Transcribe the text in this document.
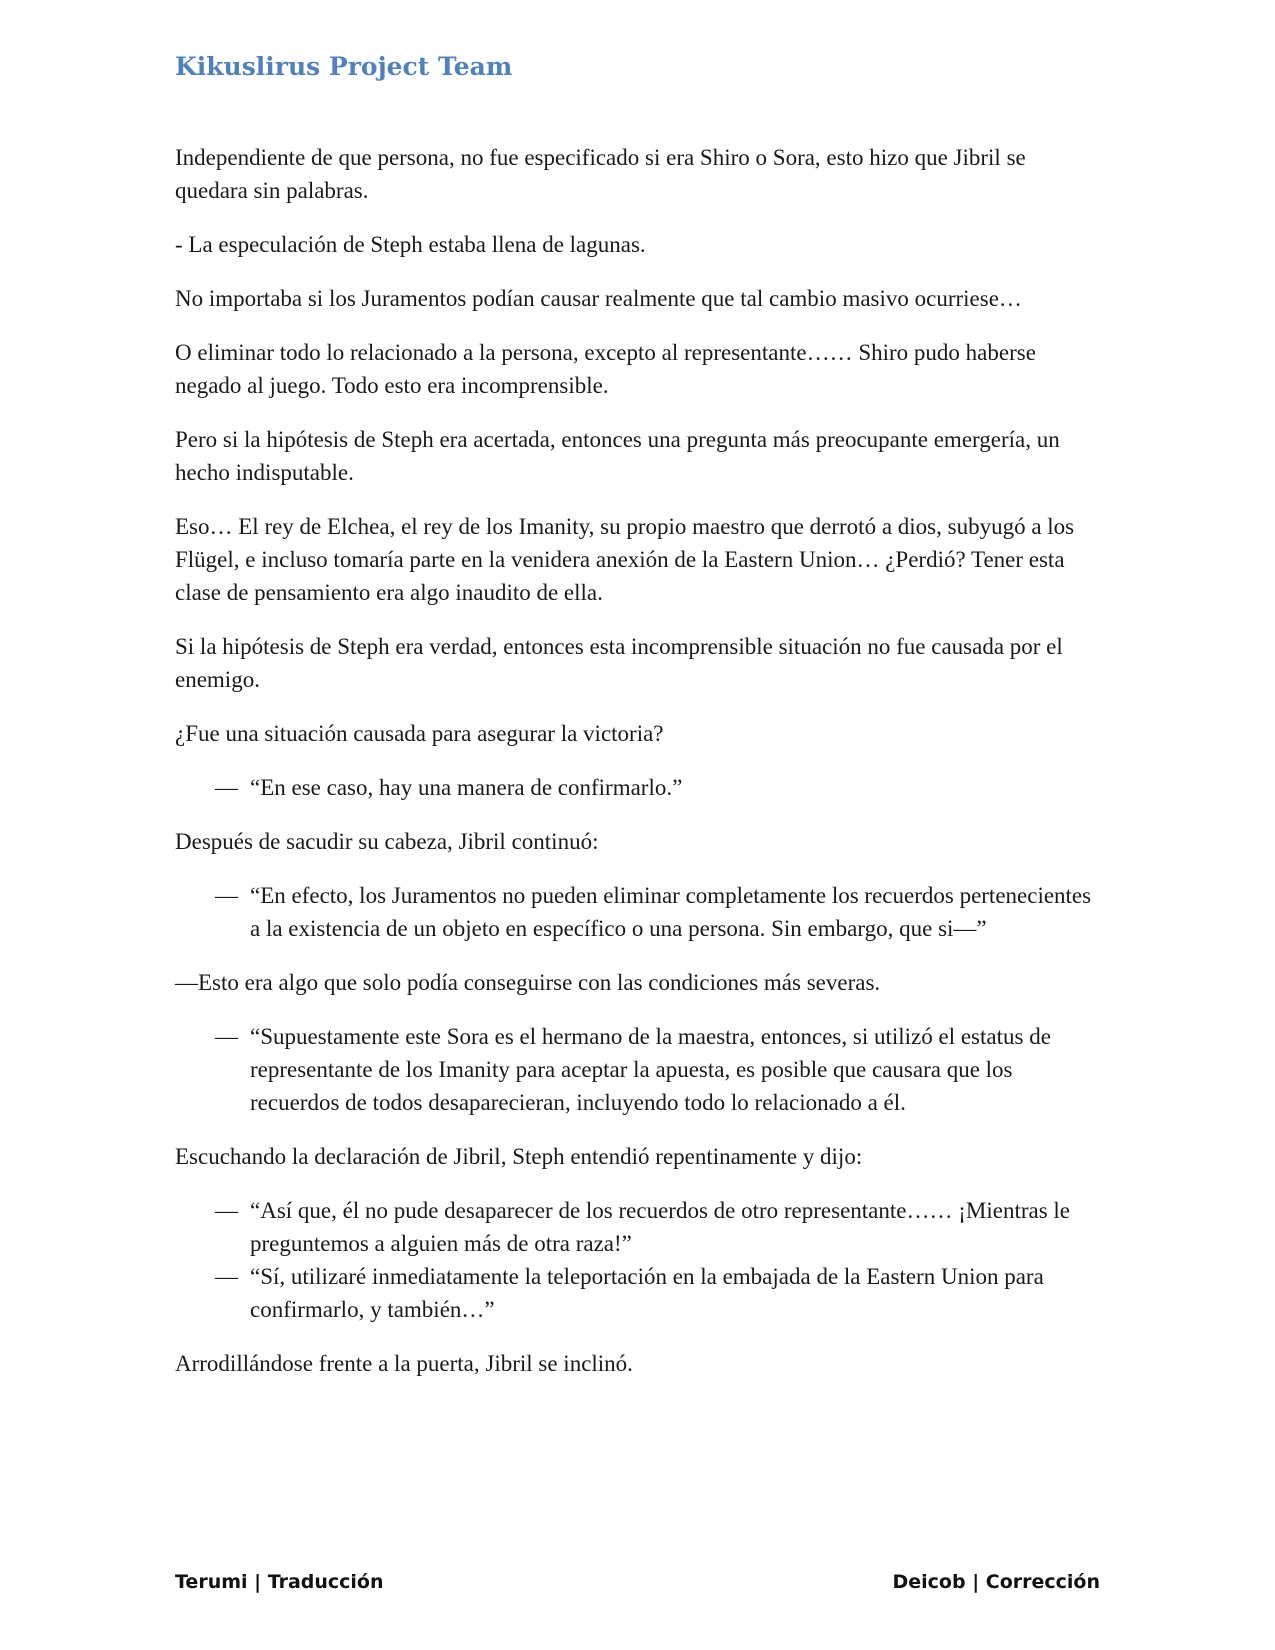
Kikuslirus Project Team

Independiente de que persona, no fue especificado si era Shiro o Sora, esto hizo que Jibril se quedara sin palabras.

- La especulación de Steph estaba llena de lagunas.

No importaba si los Juramentos podían causar realmente que tal cambio masivo ocurriese…

O eliminar todo lo relacionado a la persona, excepto al representante…… Shiro pudo haberse negado al juego. Todo esto era incomprensible.

Pero si la hipótesis de Steph era acertada, entonces una pregunta más preocupante emergería, un hecho indisputable.

Eso… El rey de Elchea, el rey de los Imanity, su propio maestro que derrotó a dios, subyugó a los Flügel, e incluso tomaría parte en la venidera anexión de la Eastern Union… ¿Perdió? Tener esta clase de pensamiento era algo inaudito de ella.

Si la hipótesis de Steph era verdad, entonces esta incomprensible situación no fue causada por el enemigo.

¿Fue una situación causada para asegurar la victoria?

— “En ese caso, hay una manera de confirmarlo.”

Después de sacudir su cabeza, Jibril continuó:

— “En efecto, los Juramentos no pueden eliminar completamente los recuerdos pertenecientes a la existencia de un objeto en específico o una persona. Sin embargo, que si—”

—Esto era algo que solo podía conseguirse con las condiciones más severas.

— “Supuestamente este Sora es el hermano de la maestra, entonces, si utilizó el estatus de representante de los Imanity para aceptar la apuesta, es posible que causara que los recuerdos de todos desaparecieran, incluyendo todo lo relacionado a él.

Escuchando la declaración de Jibril, Steph entendió repentinamente y dijo:

— “Así que, él no pude desaparecer de los recuerdos de otro representante…… ¡Mientras le preguntemos a alguien más de otra raza!”
— “Sí, utilizaré inmediatamente la teleportación en la embajada de la Eastern Union para confirmarlo, y también…”

Arrodillándose frente a la puerta, Jibril se inclinó.

Terumi | Traducción	Deicob | Corrección
